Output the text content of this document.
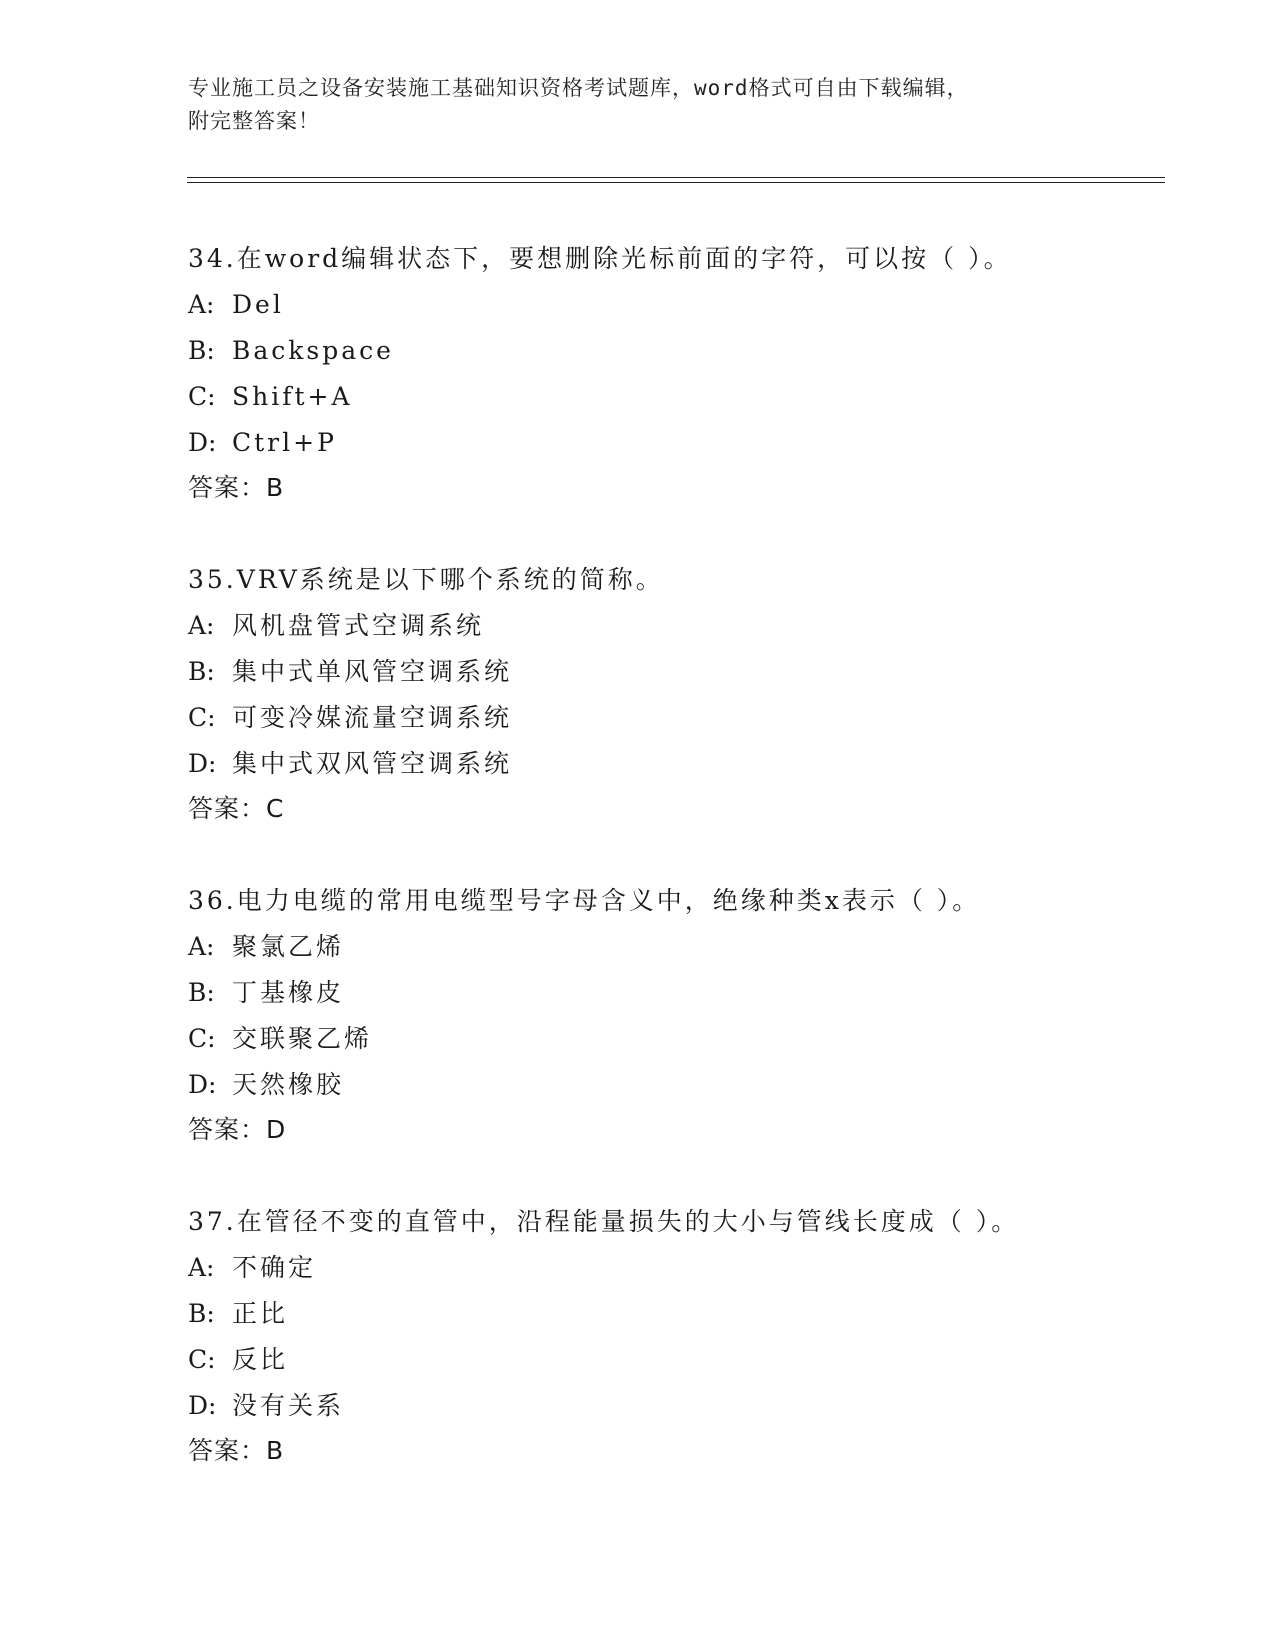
专业施工员之设备安装施工基础知识资格考试题库，word格式可自由下载编辑，
附完整答案！
34.在word编辑状态下，要想删除光标前面的字符，可以按（ ）。
A: Del
B: Backspace
C: Shift+A
D: Ctrl+P
答案：B
35.VRV系统是以下哪个系统的简称。
A: 风机盘管式空调系统
B: 集中式单风管空调系统
C: 可变冷媒流量空调系统
D: 集中式双风管空调系统
答案：C
36.电力电缆的常用电缆型号字母含义中，绝缘种类x表示（ ）。
A: 聚氯乙烯
B: 丁基橡皮
C: 交联聚乙烯
D: 天然橡胶
答案：D
37.在管径不变的直管中，沿程能量损失的大小与管线长度成（ ）。
A: 不确定
B: 正比
C: 反比
D: 没有关系
答案：B
